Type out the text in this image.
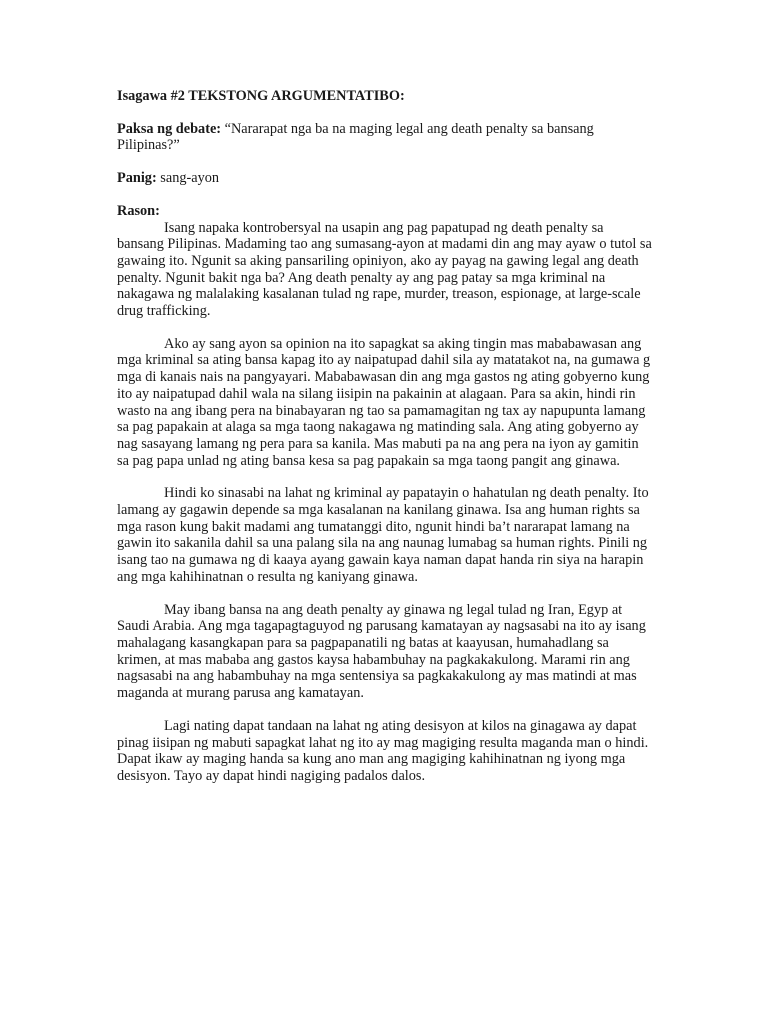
Isagawa #2 TEKSTONG ARGUMENTATIBO:
Paksa ng debate: “Nararapat nga ba na maging legal ang death penalty sa bansang Pilipinas?”
Panig: sang-ayon
Rason:

Isang napaka kontrobersyal na usapin ang pag papatupad ng death penalty sa bansang Pilipinas. Madaming tao ang sumasang-ayon at madami din ang may ayaw o tutol sa gawaing ito. Ngunit sa aking pansariling opiniyon, ako ay payag na gawing legal ang death penalty. Ngunit bakit nga ba? Ang death penalty ay ang pag patay sa mga kriminal na nakagawa ng malalaking kasalanan tulad ng rape, murder, treason, espionage, at large-scale drug trafficking.

Ako ay sang ayon sa opinion na ito sapagkat sa aking tingin mas mababawasan ang mga kriminal sa ating bansa kapag ito ay naipatupad dahil sila ay matatakot na, na gumawa g mga di kanais nais na pangyayari. Mababawasan din ang mga gastos ng ating gobyerno kung ito ay naipatupad dahil wala na silang iisipin na pakainin at alagaan. Para sa akin, hindi rin wasto na ang ibang pera na binabayaran ng tao sa pamamagitan ng tax ay napupunta lamang sa pag papakain at alaga sa mga taong nakagawa ng matinding sala. Ang ating gobyerno ay nag sasayang lamang ng pera para sa kanila. Mas mabuti pa na ang pera na iyon ay gamitin sa pag papa unlad ng ating bansa kesa sa pag papakain sa mga taong pangit ang ginawa.

Hindi ko sinasabi na lahat ng kriminal ay papatayin o hahatulan ng death penalty. Ito lamang ay gagawin depende sa mga kasalanan na kanilang ginawa. Isa ang human rights sa mga rason kung bakit madami ang tumatanggi dito, ngunit hindi ba’t nararapat lamang na gawin ito sakanila dahil sa una palang sila na ang naunag lumabag sa human rights. Pinili ng isang tao na gumawa ng di kaaya ayang gawain kaya naman dapat handa rin siya na harapin ang mga kahihinatnan o resulta ng kaniyang ginawa.

May ibang bansa na ang death penalty ay ginawa ng legal tulad ng Iran, Egyp at Saudi Arabia. Ang mga tagapagtaguyod ng parusang kamatayan ay nagsasabi na ito ay isang mahalagang kasangkapan para sa pagpapanatili ng batas at kaayusan, humahadlang sa krimen, at mas mababa ang gastos kaysa habambuhay na pagkakakulong. Marami rin ang nagsasabi na ang habambuhay na mga sentensiya sa pagkakakulong ay mas matindi at mas maganda at murang parusa ang kamatayan.

Lagi nating dapat tandaan na lahat ng ating desisyon at kilos na ginagawa ay dapat pinag iisipan ng mabuti sapagkat lahat ng ito ay mag magiging resulta maganda man o hindi. Dapat ikaw ay maging handa sa kung ano man ang magiging kahihinatnan ng iyong mga desisyon. Tayo ay dapat hindi nagiging padalos dalos.
